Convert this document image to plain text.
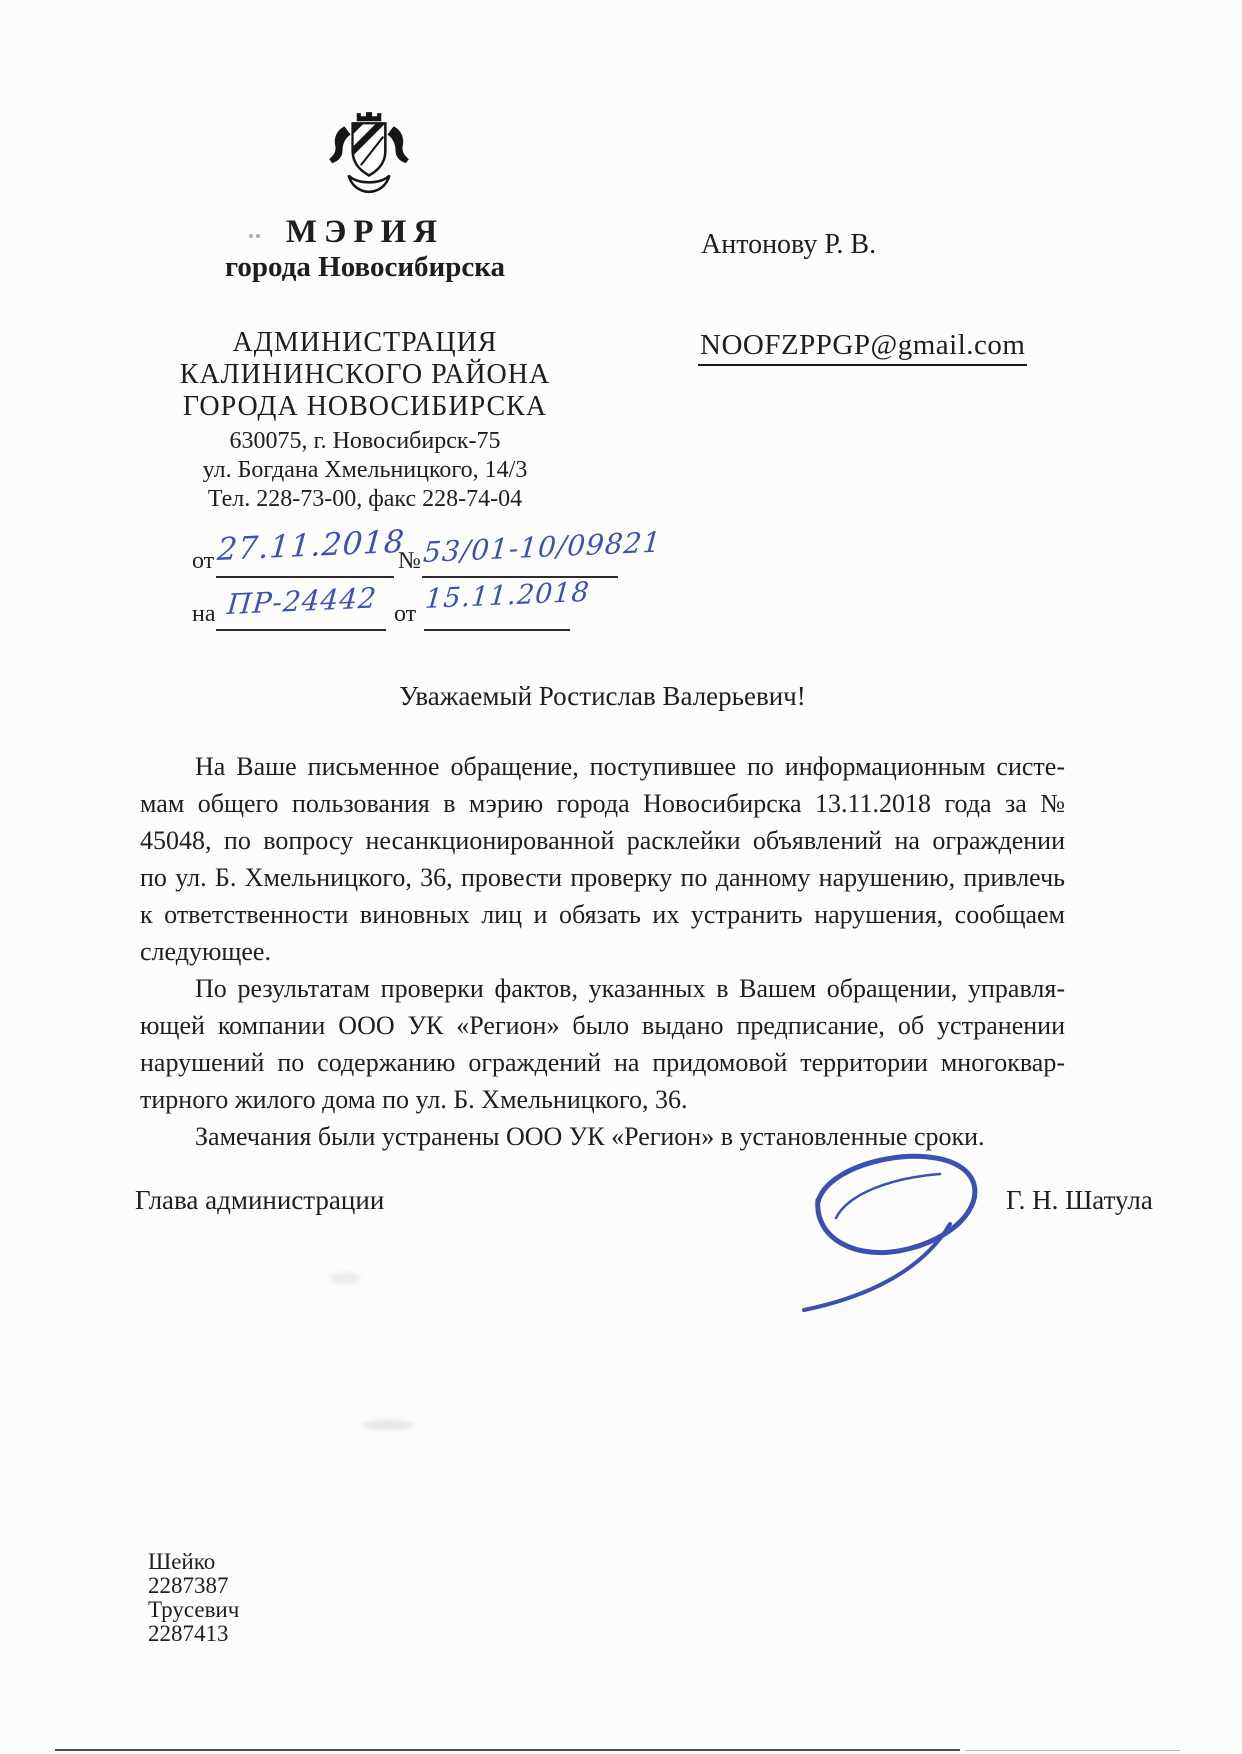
МЭРИЯ
города Новосибирска
АДМИНИСТРАЦИЯ
КАЛИНИНСКОГО РАЙОНА
ГОРОДА НОВОСИБИРСКА
630075, г. Новосибирск-75
ул. Богдана Хмельницкого, 14/3
Тел. 228-73-00, факс 228-74-04
от 27.11.2018
№ 53/01-10/09821
на ПР-24442 от 15.11.2018
Антонову Р. В.
NOOFZPPGP@gmail.com
Уважаемый Ростислав Валерьевич!
На Ваше письменное обращение, поступившее по информационным систе-
мам общего пользования в мэрию города Новосибирска 13.11.2018 года за №
45048, по вопросу несанкционированной расклейки объявлений на ограждении
по ул. Б. Хмельницкого, 36, провести проверку по данному нарушению, привлечь
к ответственности виновных лиц и обязать их устранить нарушения, сообщаем
следующее.
По результатам проверки фактов, указанных в Вашем обращении, управля-
ющей компании ООО УК «Регион» было выдано предписание, об устранении
нарушений по содержанию ограждений на придомовой территории многоквар-
тирного жилого дома по ул. Б. Хмельницкого, 36.
Замечания были устранены ООО УК «Регион» в установленные сроки.
Глава администрации	Г. Н. Шатула
Шейко
2287387
Трусевич
2287413
